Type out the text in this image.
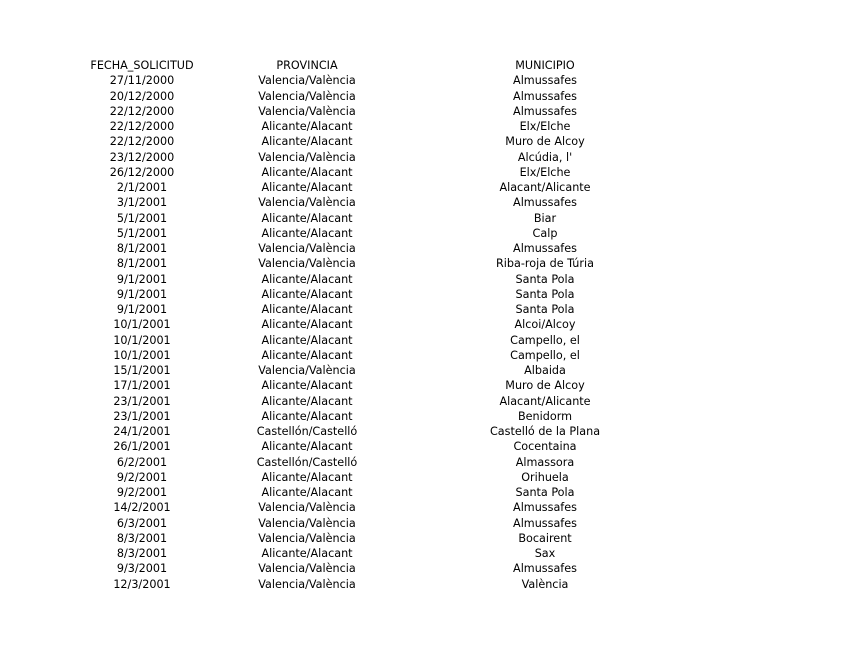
FECHA_SOLICITUD	PROVINCIA	MUNICIPIO
27/11/2000	Valencia/València	Almussafes
20/12/2000	Valencia/València	Almussafes
22/12/2000	Valencia/València	Almussafes
22/12/2000	Alicante/Alacant	Elx/Elche
22/12/2000	Alicante/Alacant	Muro de Alcoy
23/12/2000	Valencia/València	Alcúdia, l'
26/12/2000	Alicante/Alacant	Elx/Elche
2/1/2001	Alicante/Alacant	Alacant/Alicante
3/1/2001	Valencia/València	Almussafes
5/1/2001	Alicante/Alacant	Biar
5/1/2001	Alicante/Alacant	Calp
8/1/2001	Valencia/València	Almussafes
8/1/2001	Valencia/València	Riba-roja de Túria
9/1/2001	Alicante/Alacant	Santa Pola
9/1/2001	Alicante/Alacant	Santa Pola
9/1/2001	Alicante/Alacant	Santa Pola
10/1/2001	Alicante/Alacant	Alcoi/Alcoy
10/1/2001	Alicante/Alacant	Campello, el
10/1/2001	Alicante/Alacant	Campello, el
15/1/2001	Valencia/València	Albaida
17/1/2001	Alicante/Alacant	Muro de Alcoy
23/1/2001	Alicante/Alacant	Alacant/Alicante
23/1/2001	Alicante/Alacant	Benidorm
24/1/2001	Castellón/Castelló	Castelló de la Plana
26/1/2001	Alicante/Alacant	Cocentaina
6/2/2001	Castellón/Castelló	Almassora
9/2/2001	Alicante/Alacant	Orihuela
9/2/2001	Alicante/Alacant	Santa Pola
14/2/2001	Valencia/València	Almussafes
6/3/2001	Valencia/València	Almussafes
8/3/2001	Valencia/València	Bocairent
8/3/2001	Alicante/Alacant	Sax
9/3/2001	Valencia/València	Almussafes
12/3/2001	Valencia/València	València
